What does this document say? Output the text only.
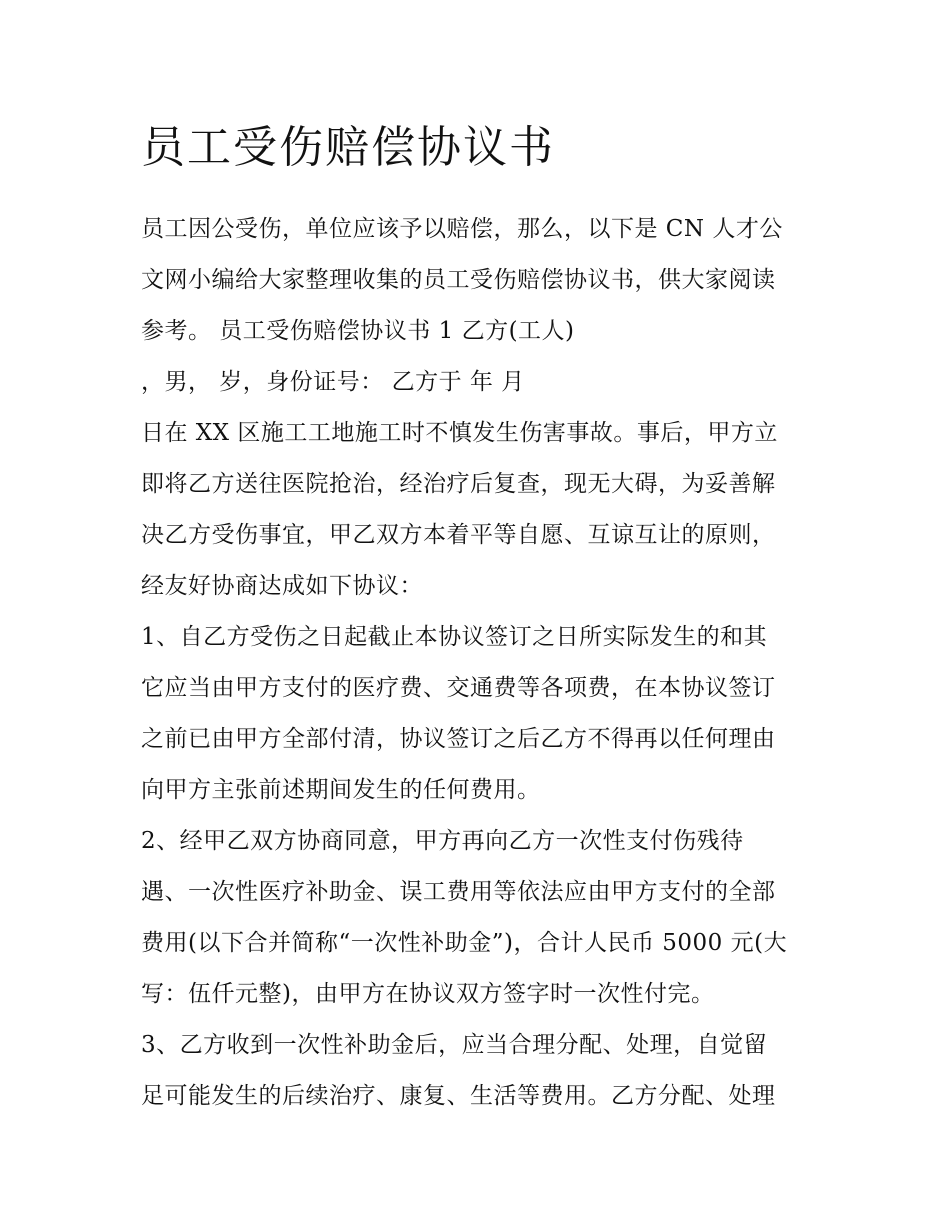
员工受伤赔偿协议书
员工因公受伤，单位应该予以赔偿，那么，以下是 CN 人才公
文网小编给大家整理收集的员工受伤赔偿协议书，供大家阅读
参考。 员工受伤赔偿协议书 1 乙方(工人)
，男， 岁，身份证号： 乙方于 年 月
日在 XX 区施工工地施工时不慎发生伤害事故。事后，甲方立
即将乙方送往医院抢治，经治疗后复查，现无大碍，为妥善解
决乙方受伤事宜，甲乙双方本着平等自愿、互谅互让的原则，
经友好协商达成如下协议：
1、自乙方受伤之日起截止本协议签订之日所实际发生的和其
它应当由甲方支付的医疗费、交通费等各项费，在本协议签订
之前已由甲方全部付清，协议签订之后乙方不得再以任何理由
向甲方主张前述期间发生的任何费用。
2、经甲乙双方协商同意，甲方再向乙方一次性支付伤残待
遇、一次性医疗补助金、误工费用等依法应由甲方支付的全部
费用(以下合并简称“一次性补助金”)，合计人民币 5000 元(大
写：伍仟元整)，由甲方在协议双方签字时一次性付完。
3、乙方收到一次性补助金后，应当合理分配、处理，自觉留
足可能发生的后续治疗、康复、生活等费用。乙方分配、处理
